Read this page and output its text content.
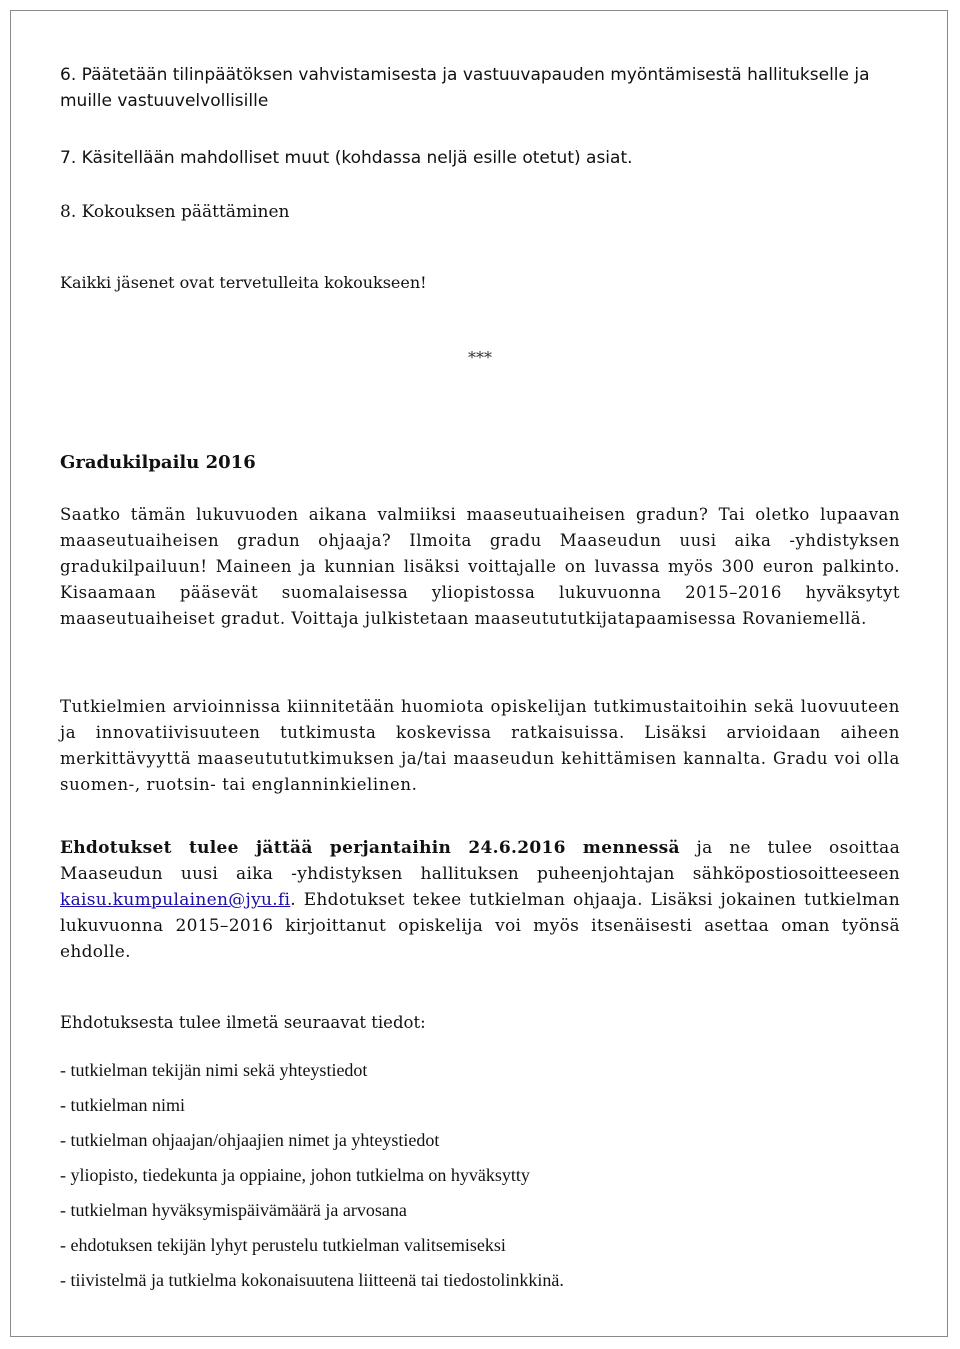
6. Päätetään tilinpäätöksen vahvistamisesta ja vastuuvapauden myöntämisestä hallitukselle ja muille vastuuvelvollisille

7. Käsitellään mahdolliset muut (kohdassa neljä esille otetut) asiat.

8. Kokouksen päättäminen

Kaikki jäsenet ovat tervetulleita kokoukseen!

***

Gradukilpailu 2016

Saatko tämän lukuvuoden aikana valmiiksi maaseutuaiheisen gradun? Tai oletko lupaavan maaseutuaiheisen gradun ohjaaja? Ilmoita gradu Maaseudun uusi aika -yhdistyksen gradukilpailuun! Maineen ja kunnian lisäksi voittajalle on luvassa myös 300 euron palkinto. Kisaamaan pääsevät suomalaisessa yliopistossa lukuvuonna 2015–2016 hyväksytyt maaseutuaiheiset gradut. Voittaja julkistetaan maaseutututkijatapaamisessa Rovaniemellä.

Tutkielmien arvioinnissa kiinnitetään huomiota opiskelijan tutkimustaitoihin sekä luovuuteen ja innovatiivisuuteen tutkimusta koskevissa ratkaisuissa. Lisäksi arvioidaan aiheen merkittävyyttä maaseutututkimuksen ja/tai maaseudun kehittämisen kannalta. Gradu voi olla suomen-, ruotsin- tai englanninkielinen.

Ehdotukset tulee jättää perjantaihin 24.6.2016 mennessä ja ne tulee osoittaa Maaseudun uusi aika -yhdistyksen hallituksen puheenjohtajan sähköpostiosoitteeseen kaisu.kumpulainen@jyu.fi. Ehdotukset tekee tutkielman ohjaaja. Lisäksi jokainen tutkielman lukuvuonna 2015–2016 kirjoittanut opiskelija voi myös itsenäisesti asettaa oman työnsä ehdolle.

Ehdotuksesta tulee ilmetä seuraavat tiedot:

- tutkielman tekijän nimi sekä yhteystiedot
- tutkielman nimi
- tutkielman ohjaajan/ohjaajien nimet ja yhteystiedot
- yliopisto, tiedekunta ja oppiaine, johon tutkielma on hyväksytty
- tutkielman hyväksymispäivämäärä ja arvosana
- ehdotuksen tekijän lyhyt perustelu tutkielman valitsemiseksi
- tiivistelmä ja tutkielma kokonaisuutena liitteenä tai tiedostolinkkinä.
